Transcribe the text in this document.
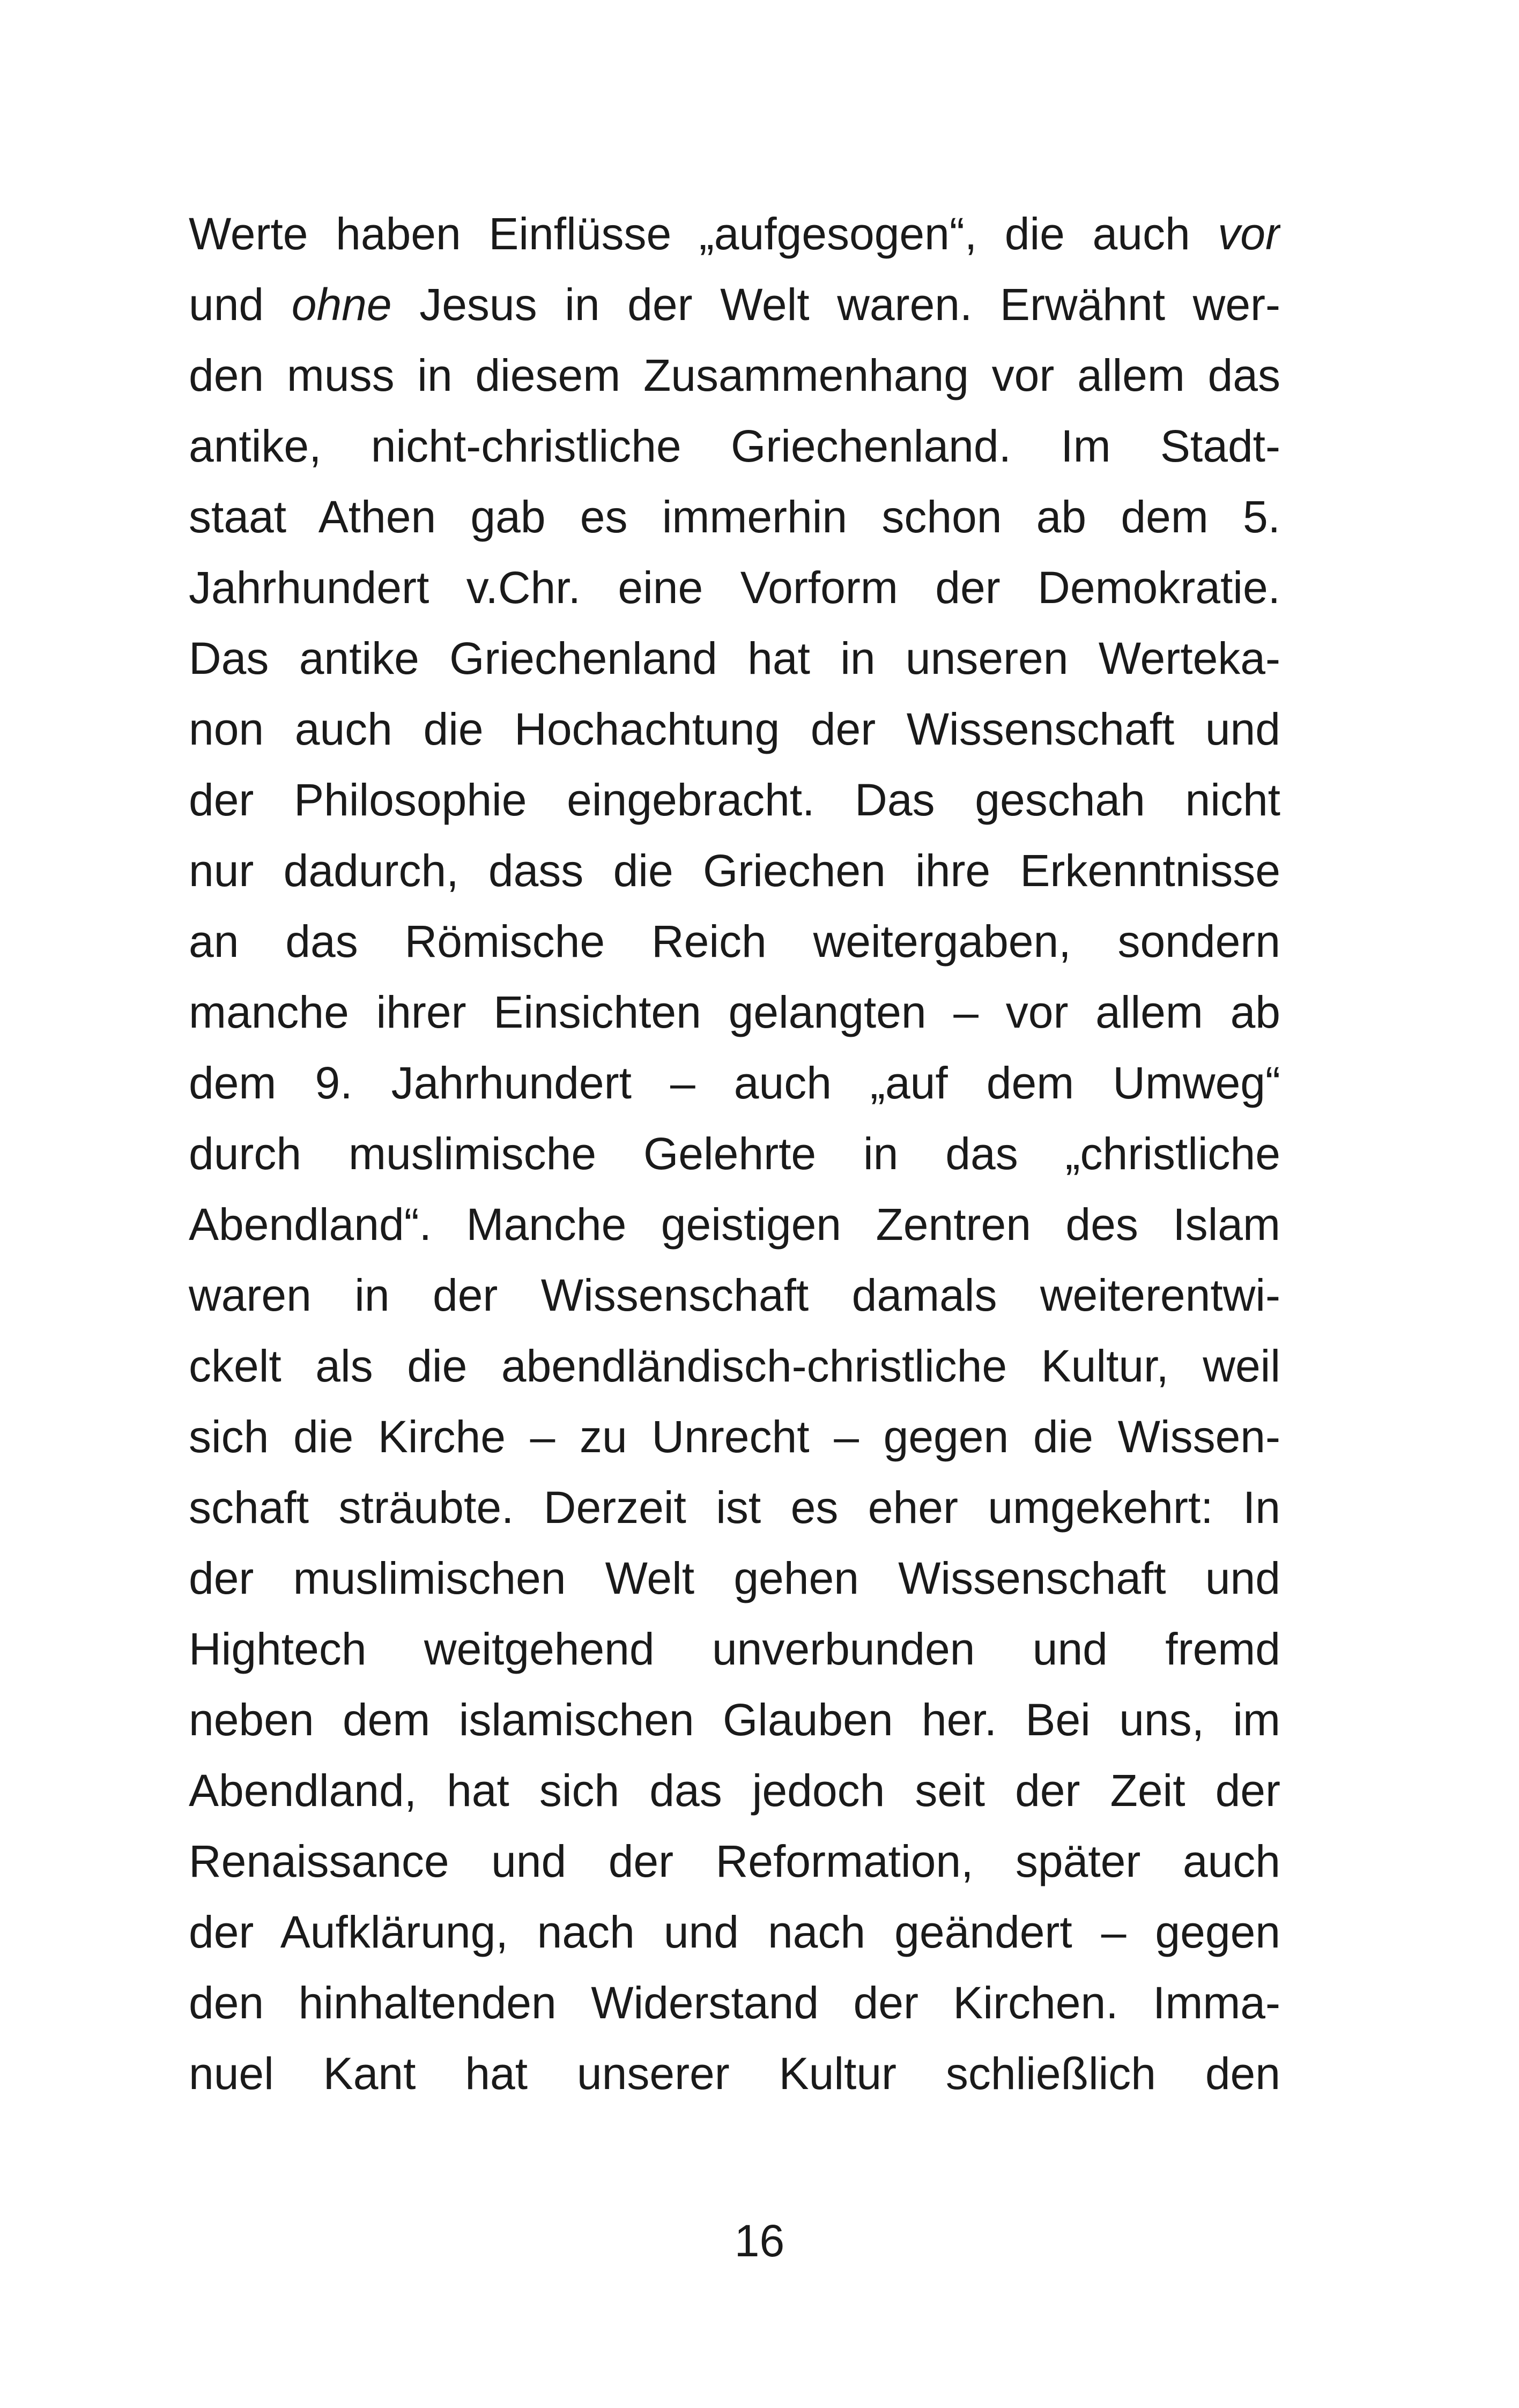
Werte haben Einflüsse „aufgesogen“, die auch vor
und ohne Jesus in der Welt waren. Erwähnt wer-
den muss in diesem Zusammenhang vor allem das
antike, nicht-christliche Griechenland. Im Stadt-
staat Athen gab es immerhin schon ab dem 5.
Jahrhundert v.Chr. eine Vorform der Demokratie.
Das antike Griechenland hat in unseren Werteka-
non auch die Hochachtung der Wissenschaft und
der Philosophie eingebracht. Das geschah nicht
nur dadurch, dass die Griechen ihre Erkenntnisse
an das Römische Reich weitergaben, sondern
manche ihrer Einsichten gelangten – vor allem ab
dem 9. Jahrhundert – auch „auf dem Umweg“
durch muslimische Gelehrte in das „christliche
Abendland“. Manche geistigen Zentren des Islam
waren in der Wissenschaft damals weiterentwi-
ckelt als die abendländisch-christliche Kultur, weil
sich die Kirche – zu Unrecht – gegen die Wissen-
schaft sträubte. Derzeit ist es eher umgekehrt: In
der muslimischen Welt gehen Wissenschaft und
Hightech weitgehend unverbunden und fremd
neben dem islamischen Glauben her. Bei uns, im
Abendland, hat sich das jedoch seit der Zeit der
Renaissance und der Reformation, später auch
der Aufklärung, nach und nach geändert – gegen
den hinhaltenden Widerstand der Kirchen. Imma-
nuel Kant hat unserer Kultur schließlich den
16
